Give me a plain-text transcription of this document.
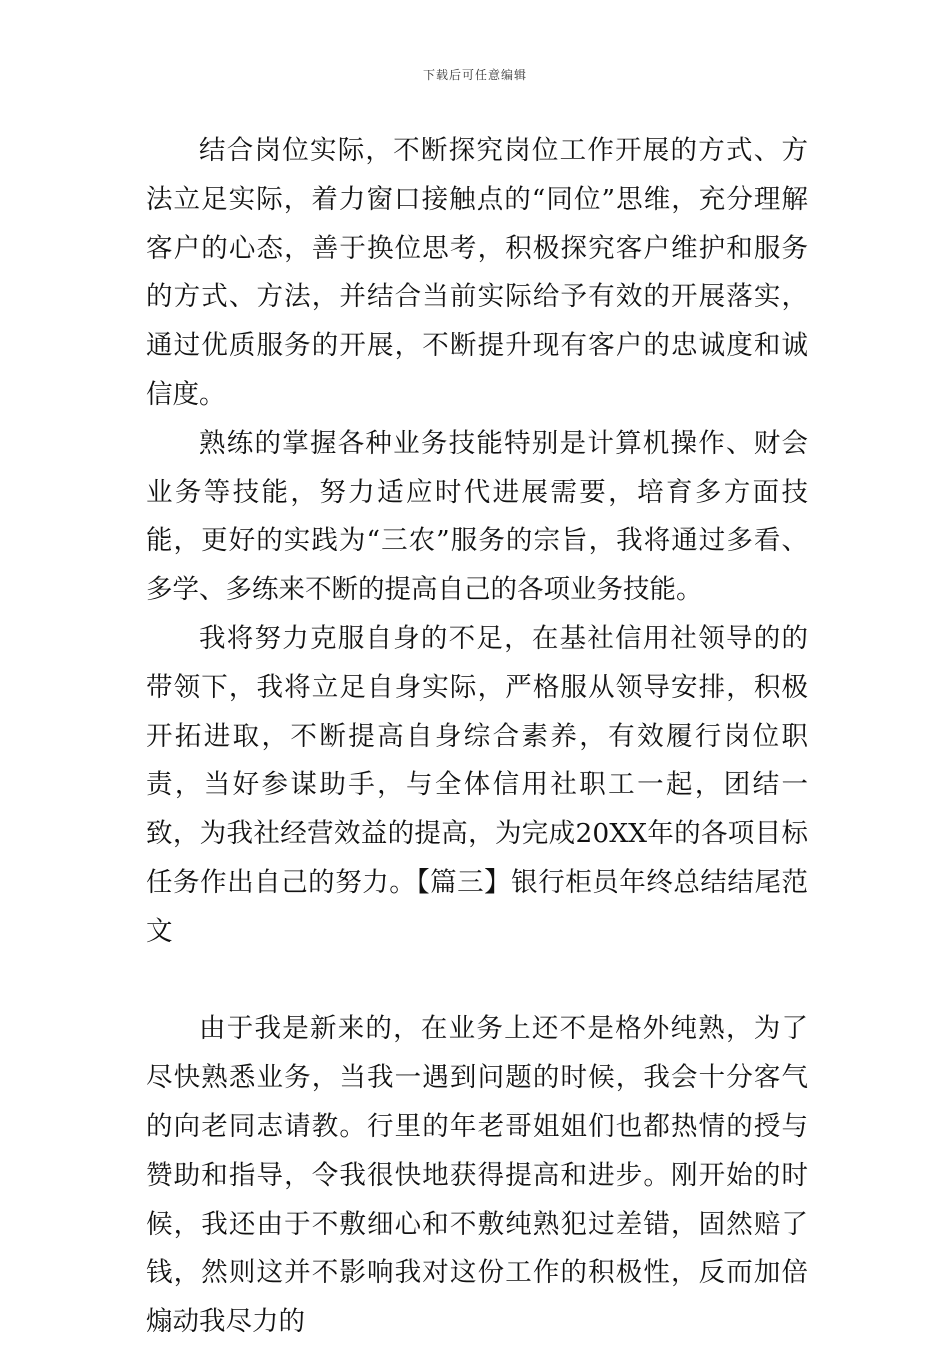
下载后可任意编辑

结合岗位实际，不断探究岗位工作开展的方式、方法立足实际，着力窗口接触点的“同位”思维，充分理解客户的心态，善于换位思考，积极探究客户维护和服务的方式、方法，并结合当前实际给予有效的开展落实，通过优质服务的开展，不断提升现有客户的忠诚度和诚信度。

熟练的掌握各种业务技能特别是计算机操作、财会业务等技能，努力适应时代进展需要，培育多方面技能，更好的实践为“三农”服务的宗旨，我将通过多看、多学、多练来不断的提高自己的各项业务技能。

我将努力克服自身的不足，在基社信用社领导的的带领下，我将立足自身实际，严格服从领导安排，积极开拓进取，不断提高自身综合素养，有效履行岗位职责，当好参谋助手，与全体信用社职工一起，团结一致，为我社经营效益的提高，为完成20XX年的各项目标任务作出自己的努力。【篇三】银行柜员年终总结结尾范文

由于我是新来的，在业务上还不是格外纯熟，为了尽快熟悉业务，当我一遇到问题的时候，我会十分客气的向老同志请教。行里的年老哥姐姐们也都热情的授与赞助和指导，令我很快地获得提高和进步。刚开始的时候，我还由于不敷细心和不敷纯熟犯过差错，固然赔了钱，然则这并不影响我对这份工作的积极性，反而加倍煽动我尽力的
